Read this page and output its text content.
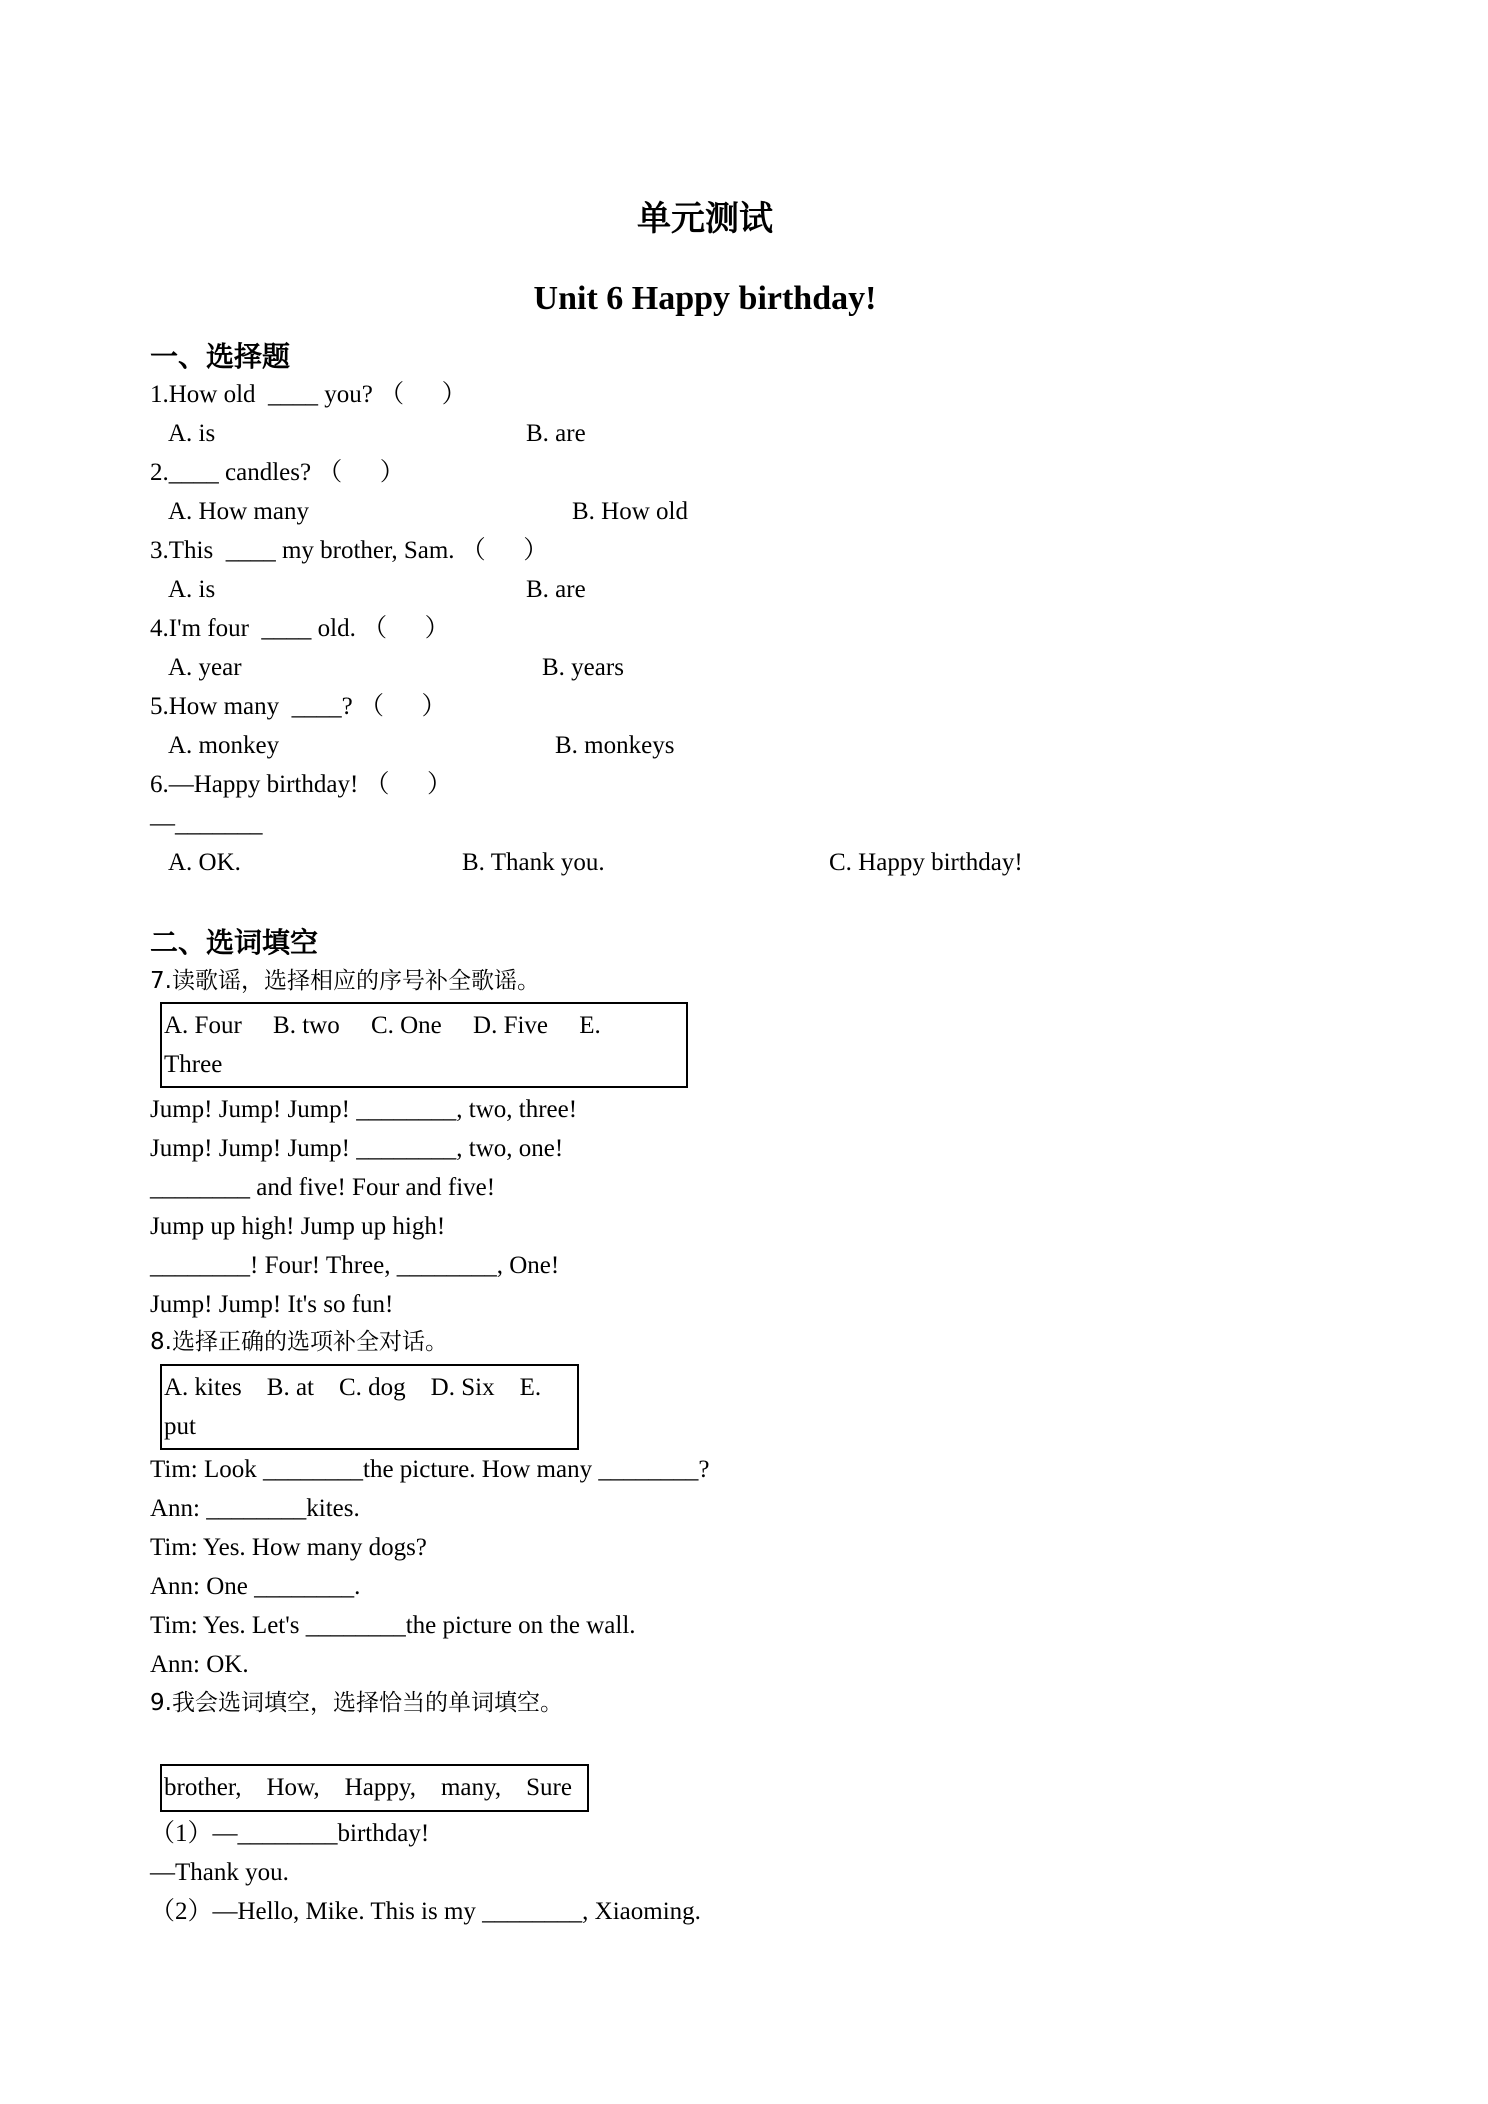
单元测试
Unit 6 Happy birthday!
一、选择题
1.How old  ____ you? （      ）
A. is	B. are
2.____ candles? （      ）
A. How many	B. How old
3.This  ____ my brother, Sam. （      ）
A. is	B. are
4.I'm four  ____ old. （      ）
A. year	B. years
5.How many  ____? （      ）
A. monkey	B. monkeys
6.—Happy birthday! （      ）
—_______
A. OK.	B. Thank you.	C. Happy birthday!
二、选词填空
7.读歌谣，选择相应的序号补全歌谣。
A. Four     B. two     C. One     D. Five     E.
Three
Jump! Jump! Jump! ________, two, three!
Jump! Jump! Jump! ________, two, one!
________ and five! Four and five!
Jump up high! Jump up high!
________! Four! Three, ________, One!
Jump! Jump! It's so fun!
8.选择正确的选项补全对话。
A. kites    B. at    C. dog    D. Six    E.
put
Tim: Look ________the picture. How many ________?
Ann: ________kites.
Tim: Yes. How many dogs?
Ann: One ________.
Tim: Yes. Let's ________the picture on the wall.
Ann: OK.
9.我会选词填空，选择恰当的单词填空。
brother,    How,    Happy,    many,    Sure
（1）—________birthday!
—Thank you.
（2）—Hello, Mike. This is my ________, Xiaoming.
